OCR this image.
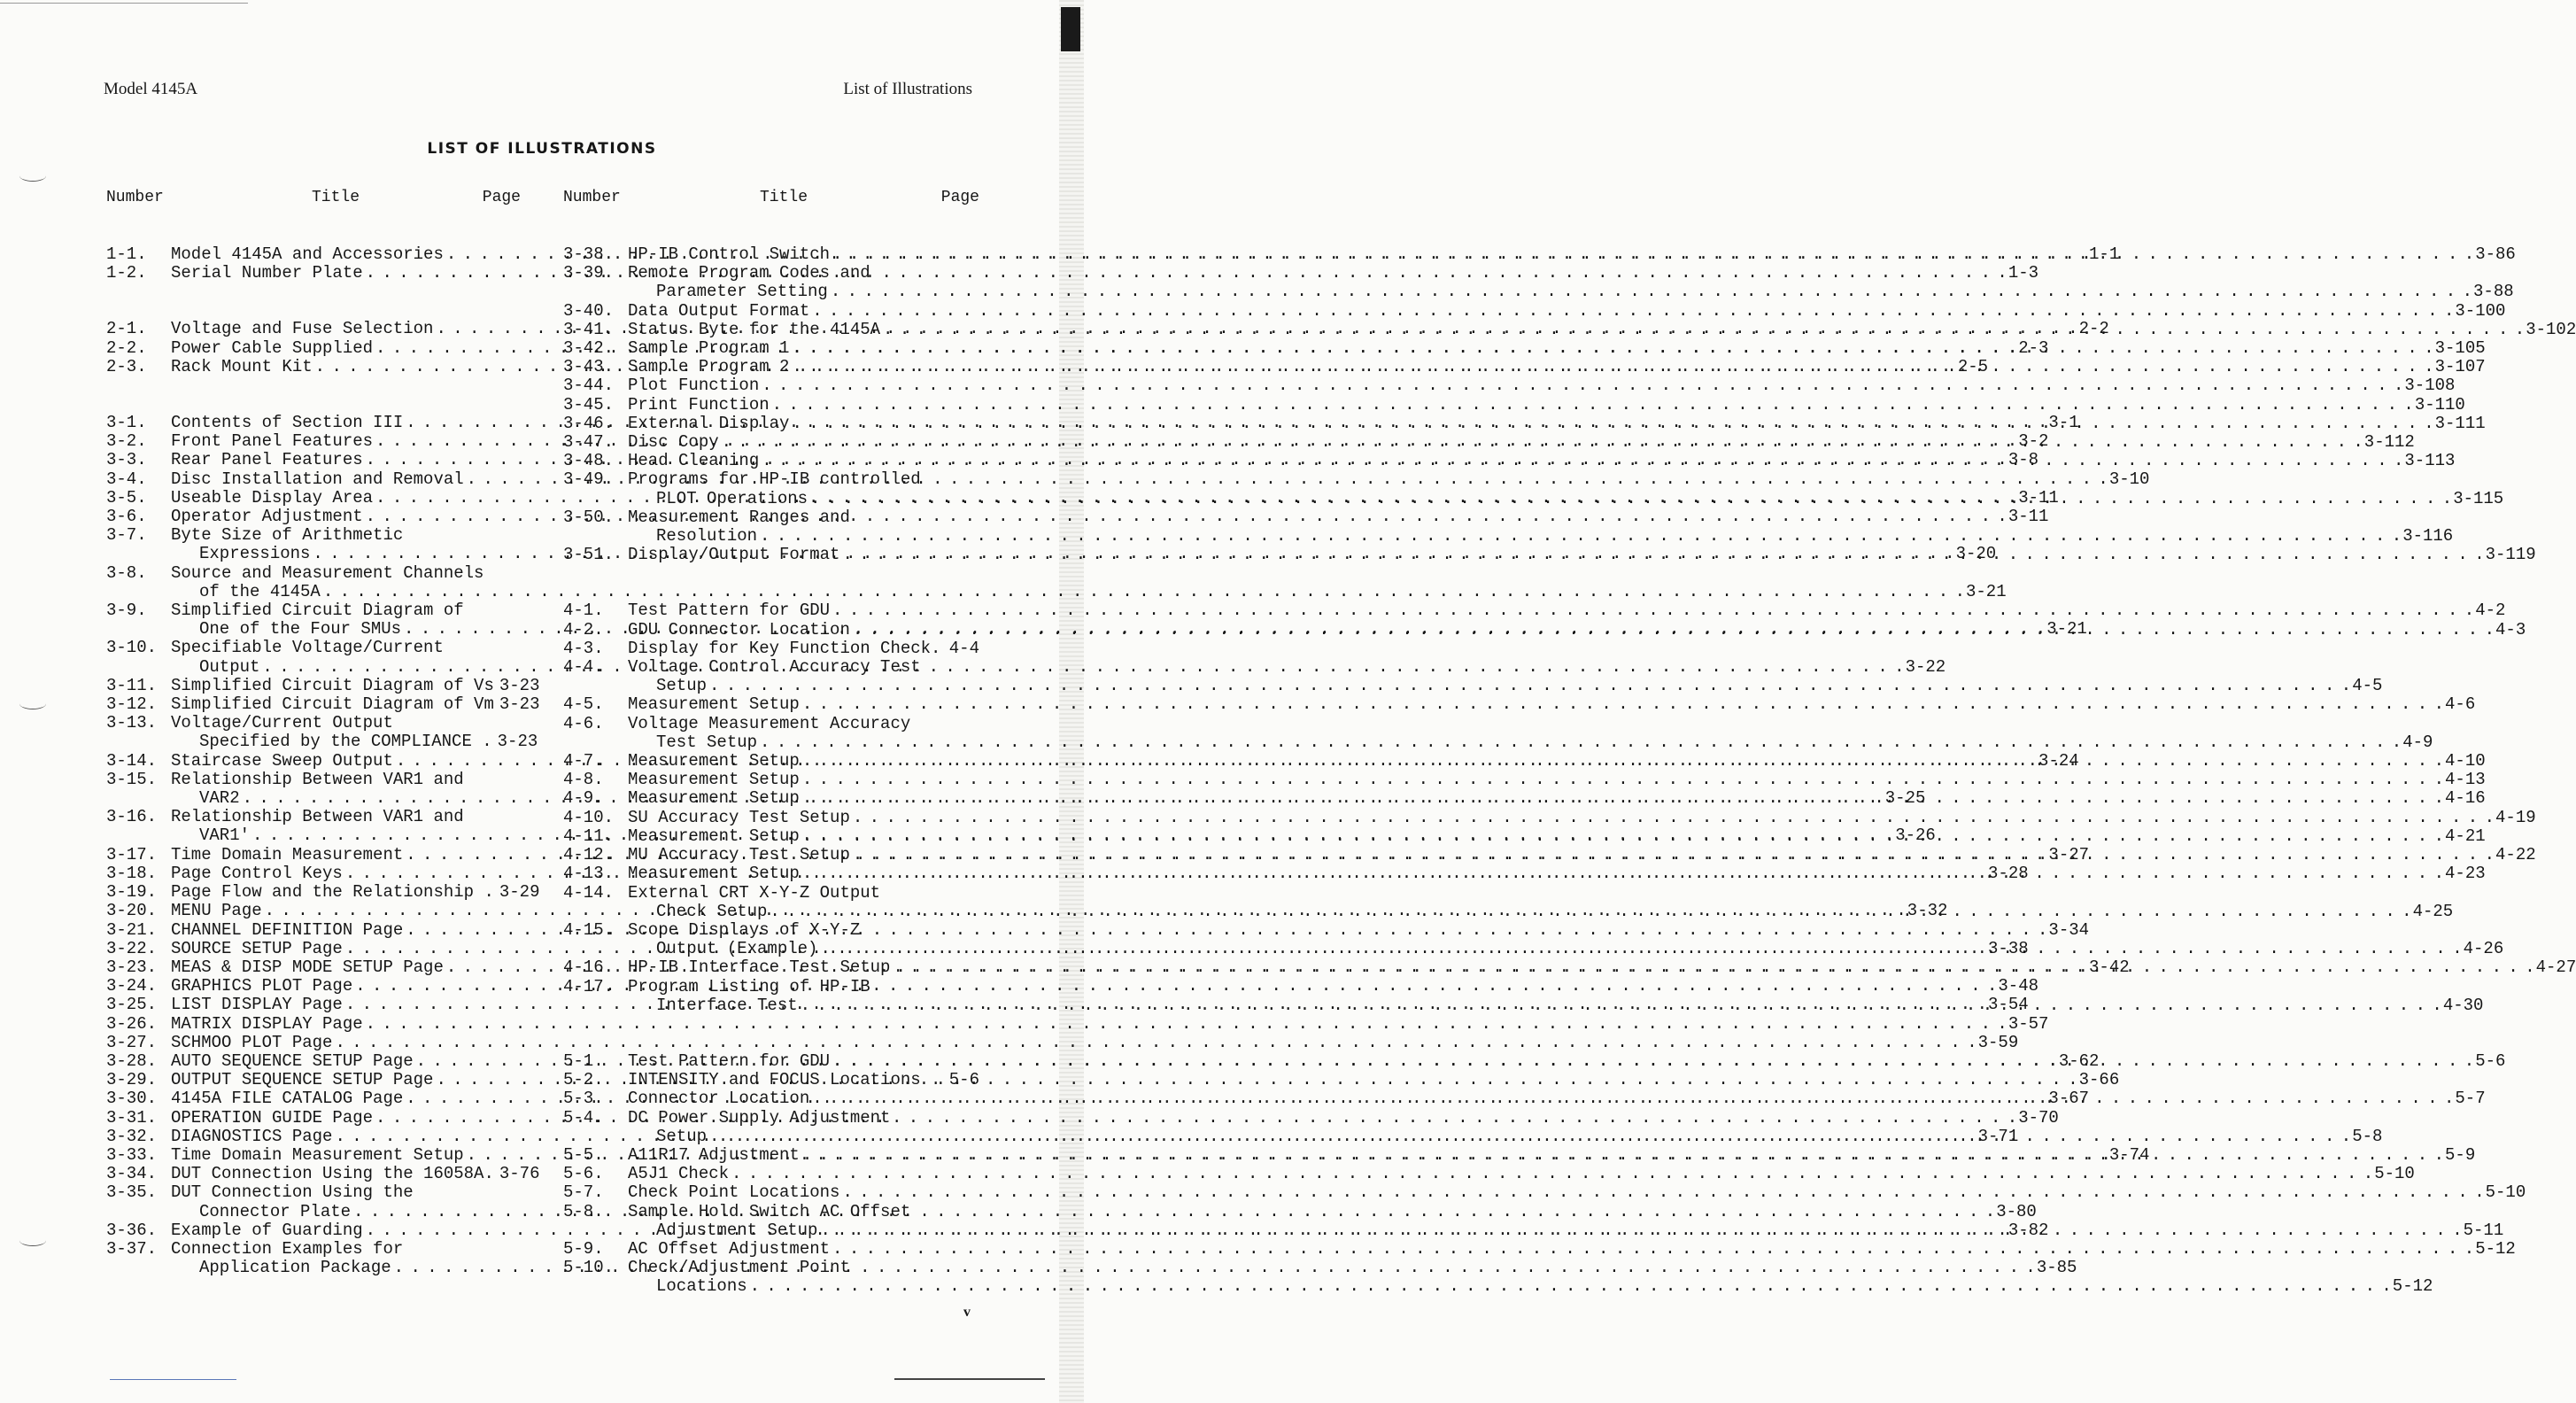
Model 4145A	List of Illustrations
LIST OF ILLUSTRATIONS
Number	Title	Page
1-1. Model 4145A and Accessories . . .	1-1
1-2. Serial Number Plate . . .	1-3
2-1. Voltage and Fuse Selection . . .	2-2
2-2. Power Cable Supplied . . .	2-3
2-3. Rack Mount Kit . . .	2-5
3-1. Contents of Section III . . .	3-1
3-2. Front Panel Features . . .	3-2
3-3. Rear Panel Features . . .	3-8
3-4. Disc Installation and Removal . . .	3-10
3-5. Useable Display Area . . .	3-11
3-6. Operator Adjustment . . .	3-11
3-7. Byte Size of Arithmetic
Expressions . . .	3-20
3-8. Source and Measurement Channels
of the 4145A . . .	3-21
3-9. Simplified Circuit Diagram of
One of the Four SMUs . . .	3-21
3-10. Specifiable Voltage/Current
Output . . .	3-22
3-11. Simplified Circuit Diagram of Vs 3-23
3-12. Simplified Circuit Diagram of Vm 3-23
3-13. Voltage/Current Output
Specified by the COMPLIANCE . 3-23
3-14. Staircase Sweep Output . . .	3-24
3-15. Relationship Between VAR1 and
VAR2 . . .	3-25
3-16. Relationship Between VAR1 and
VAR1' . . .	3-26
3-17. Time Domain Measurement . . .	3-27
3-18. Page Control Keys . . .	3-28
3-19. Page Flow and the Relationship . 3-29
3-20. MENU Page . . .	3-32
3-21. CHANNEL DEFINITION Page . . .	3-34
3-22. SOURCE SETUP Page . . .	3-38
3-23. MEAS & DISP MODE SETUP Page . . .	3-42
3-24. GRAPHICS PLOT Page . . .	3-48
3-25. LIST DISPLAY Page . . .	3-54
3-26. MATRIX DISPLAY Page . . .	3-57
3-27. SCHMOO PLOT Page . . .	3-59
3-28. AUTO SEQUENCE SETUP Page . . .	3-62
3-29. OUTPUT SEQUENCE SETUP Page . . .	3-66
3-30. 4145A FILE CATALOG Page . . .	3-67
3-31. OPERATION GUIDE Page . . .	3-70
3-32. DIAGNOSTICS Page . . .	3-71
3-33. Time Domain Measurement Setup . . .	3-74
3-34. DUT Connection Using the 16058A. 3-76
3-35. DUT Connection Using the
Connector Plate . . .	3-80
3-36. Example of Guarding . . .	3-82
3-37. Connection Examples for
Application Package . . .	3-85
Number	Title	Page
3-38. HP-IB Control Switch . . .	3-86
3-39. Remote Program Codes and
Parameter Setting . . .	3-88
3-40. Data Output Format . . .	3-100
3-41. Status Byte for the 4145A . . .	3-102
3-42. Sample Program 1 . . .	3-105
3-43. Sample Program 2 . . .	3-107
3-44. Plot Function . . .	3-108
3-45. Print Function . . .	3-110
3-46. External Display . . .	3-111
3-47. Disc Copy . . .	3-112
3-48. Head Cleaning . . .	3-113
3-49. Programs for HP-IB controlled
PLOT Operations . . .	3-115
3-50. Measurement Ranges and
Resolution . . .	3-116
3-51. Display/Output Format . . .	3-119
4-1. Test Pattern for GDU . . .	4-2
4-2. GDU Connector Location . . .	4-3
4-3. Display for Key Function Check. 4-4
4-4. Voltage Control Accuracy Test
Setup . . .	4-5
4-5. Measurement Setup . . .	4-6
4-6. Voltage Measurement Accuracy
Test Setup . . .	4-9
4-7. Measurement Setup . . .	4-10
4-8. Measurement Setup . . .	4-13
4-9. Measurement Setup . . .	4-16
4-10. SU Accuracy Test Setup . . .	4-19
4-11. Measurement Setup . . .	4-21
4-12. MU Accuracy Test Setup . . .	4-22
4-13. Measurement Setup . . .	4-23
4-14. External CRT X-Y-Z Output
Check Setup . . .	4-25
4-15. Scope Displays of X-Y-Z
Output (Example) . . .	4-26
4-16. HP-IB Interface Test Setup . . .	4-27
4-17. Program Listing of HP-IB
Interface Test . . .	4-30
5-1. Test Pattern for GDU . . .	5-6
5-2. INTENSITY and FOCUS Locations . 5-6
5-3. Connector Location . . .	5-7
5-4. DC Power Supply Adjustment
Setup . . .	5-8
5-5. A11R17 Adjustment . . .	5-9
5-6. A5J1 Check . . .	5-10
5-7. Check Point Locations . . .	5-10
5-8. Sample Hold Switch AC Offset
Adjustment Setup . . .	5-11
5-9. AC Offset Adjustment . . .	5-12
5-10. Check/Adjustment Point
Locations . . .	5-12
v
